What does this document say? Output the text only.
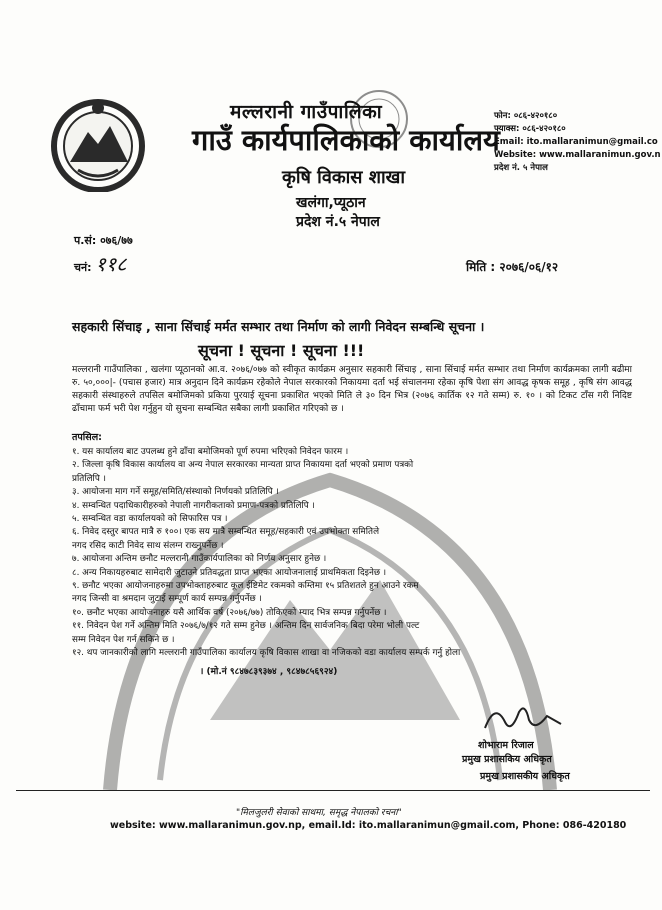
मल्लरानी गाउँपालिका
गाउँ कार्यपालिकाको कार्यालय
कृषि विकास शाखा
खलंगा,प्यूठान
प्रदेश नं.५ नेपाल
फोन: ०८६-४२०१८०
फ्याक्स: ०८६-४२०१८०
Email: ito.mallaranimun@gmail.co
Website: www.mallaranimun.gov.n
प्रदेश नं. ५ नेपाल
प.सं: ०७६/७७
चनं: ११८	मिति : २०७६/०६/१२
सहकारी सिंचाइ , साना सिंचाई मर्मत सम्भार तथा निर्माण को लागी निवेदन सम्बन्धि सूचना ।
सूचना ! सूचना ! सूचना !!!
मल्लरानी गाउँपालिका , खलंगा प्यूठानको आ.व. २०७६/०७७ को स्वीकृत कार्यक्रम अनुसार सहकारी सिंचाइ , साना सिंचाई मर्मत सम्भार तथा निर्माण कार्यक्रमका लागी बढीमा रु. ५०,०००|- (पचास हजार) मात्र अनुदान दिने कार्यक्रम रहेकोले नेपाल सरकारको निकायमा दर्ता भई संचालनमा रहेका कृषि पेशा संग आवद्ध कृषक समूह , कृषि संग आवद्ध सहकारी संस्थाहरुले तपसिल बमोजिमको प्रकिया पुरयाई सूचना प्रकाशित भएको मिति ले ३० दिन भित्र (२०७६ कार्तिक १२ गते सम्म) रु. १० । को टिकट टाँस गरी निदिष्ट ढाँचामा फर्म भरी पेश गर्नुहुन यो सुचना सम्बन्धित सबैका लागी प्रकाशित गरिएको छ ।
तपसिल:
१. यस कार्यालय बाट उपलब्ध हुने ढाँचा बमोजिमको पूर्ण रुपमा भरिएको निवेदन फारम ।
२. जिल्ला कृषि विकास कार्यालय वा अन्य नेपाल सरकारका मान्यता प्राप्त निकायमा दर्ता भएको प्रमाण पत्रको
प्रतिलिपि ।
३. आयोजना माग गर्ने समूह/समिति/संस्थाको निर्णयको प्रतिलिपि ।
४. सम्वन्धित पदाधिकारीहरुको नेपाली नागरीकताको प्रमाण-पत्रको प्रतिलिपि ।
५. सम्वन्धित वडा कार्यालयको को सिफारिस पत्र ।
६. निवेद दस्तुर बापत मात्रै रु १००। एक सय मात्रै सम्वन्धित समूह/सहकारी एवं उपभोक्ता समितिले
नगद रसिद काटी निवेद साथ संलग्न राख्नुपर्नेछ ।
७. आयोजना अन्तिम छनौट मल्लरानी गाउँकार्यपालिका को निर्णय अनुसार हुनेछ ।
८. अन्य निकायहरुबाट सामेदारी जुटाउने प्रतिवद्धता प्राप्त भएका आयोजनालाई प्राथमिकता दिइनेछ ।
९. छनौट भएका आयोजनाहरुमा उपभोक्ताहरुबाट कूल ईष्टिमेट रकमको कम्तिमा १५ प्रतिशतले हुन आउने रकम
नगद जिन्सी वा श्रमदान जुटाई सम्पूर्ण कार्य सम्पन्न गर्नुपर्नेछ ।
१०. छनौट भएका आयोजनाहरु यसै आर्थिक वर्ष (२०७६/७७) तोकिएको म्याद भित्र सम्पन्न गर्नुपर्नेछ ।
११. निवेदन पेश गर्ने अन्तिम मिति २०७६/७/१२ गते सम्म हुनेछ । अन्तिम दिन सार्वजनिक बिदा परेमा भोली पल्ट
सम्म निवेदन पेश गर्न सकिने छ ।
१२. थप जानकारीको लागि मल्लरानी गाउँपालिका कार्यालय कृषि विकास शाखा वा नजिकको वडा कार्यालय सम्पर्क गर्नु होला
। (मो.नं ९८४७८३९३७४ , ९८४७८५६९२४)
शोभाराम रिजाल
प्रमुख प्रशासकिय अधिकृत
प्रमुख प्रशासकीय अधिकृत
"मिलजुलरी सेवाको साथमा, समृद्ध नेपालको रचना"
website: www.mallaranimun.gov.np, email.Id: ito.mallaranimun@gmail.com, Phone: 086-420180
